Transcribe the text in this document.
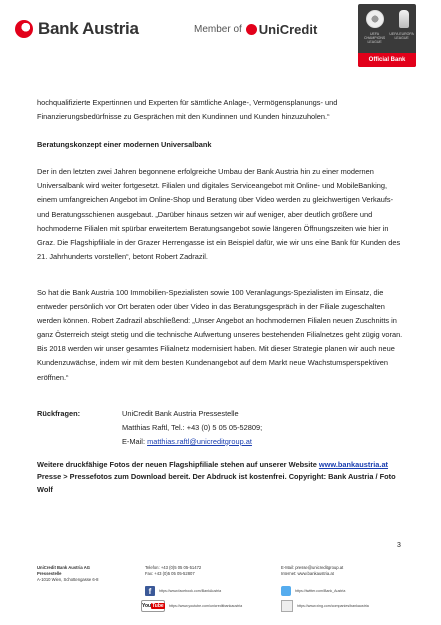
Bank Austria	Member of UniCredit	UEFA CHAMPIONS LEAGUE
UEFA EUROPA LEAGUE
Official Bank

hochqualifizierte Expertinnen und Experten für sämtliche Anlage-, Vermögensplanungs- und Finanzierungsbedürfnisse zu Gesprächen mit den Kundinnen und Kunden hinzuzuholen.“

Beratungskonzept einer modernen Universalbank

Der in den letzten zwei Jahren begonnene erfolgreiche Umbau der Bank Austria hin zu einer modernen Universalbank wird weiter fortgesetzt. Filialen und digitales Serviceangebot mit Online- und MobileBanking, einem umfangreichen Angebot im Online-Shop und Beratung über Video werden zu gleichwertigen Verkaufs- und Beratungsschienen ausgebaut. „Darüber hinaus setzen wir auf weniger, aber deutlich größere und hochmoderne Filialen mit spürbar erweitertem Beratungsangebot sowie längeren Öffnungszeiten wie hier in Graz. Die Flagshipfiliale in der Grazer Herrengasse ist ein Beispiel dafür, wie wir uns eine Bank für Kunden des 21. Jahrhunderts vorstellen“, betont Robert Zadrazil.

So hat die Bank Austria 100 Immobilien-Spezialisten sowie 100 Veranlagungs-Spezialisten im Einsatz, die entweder persönlich vor Ort beraten oder über Video in das Beratungsgespräch in der Filiale zugeschalten werden können. Robert Zadrazil abschließend: „Unser Angebot an hochmodernen Filialen neuen Zuschnitts in ganz Österreich steigt stetig und die technische Aufwertung unseres bestehenden Filialnetzes geht zügig voran. Bis 2018 werden wir unser gesamtes Filialnetz modernisiert haben. Mit dieser Strategie planen wir auch neue Kundenzuwächse, indem wir mit dem besten Kundenangebot auf dem Markt neue Wachstumsperspektiven eröffnen.“

Rückfragen:	UniCredit Bank Austria Pressestelle
Matthias Raftl, Tel.: +43 (0) 5 05 05-52809;
E-Mail: matthias.raftl@unicreditgroup.at

Weitere druckfähige Fotos der neuen Flagshipfiliale stehen auf unserer Website www.bankaustria.at
Presse > Pressefotos zum Download bereit. Der Abdruck ist kostenfrei. Copyright: Bank Austria / Foto Wolf

3
UniCredit Bank Austria AG
Pressestelle
A-1010 Wien, Schottengasse 6-8
Telefon: +43 (0)5 05 05-51472
Fax: +43 (0)5 05 05-52807
E-Mail: presse@unicreditgroup.at
Internet: www.bankaustria.at
f	https://www.facebook.com/BankAustria
YouTube	https://www.youtube.com/unicreditbankaustria
https://twitter.com/Bank_Austria
https://www.xing.com/companies/bankaustria
